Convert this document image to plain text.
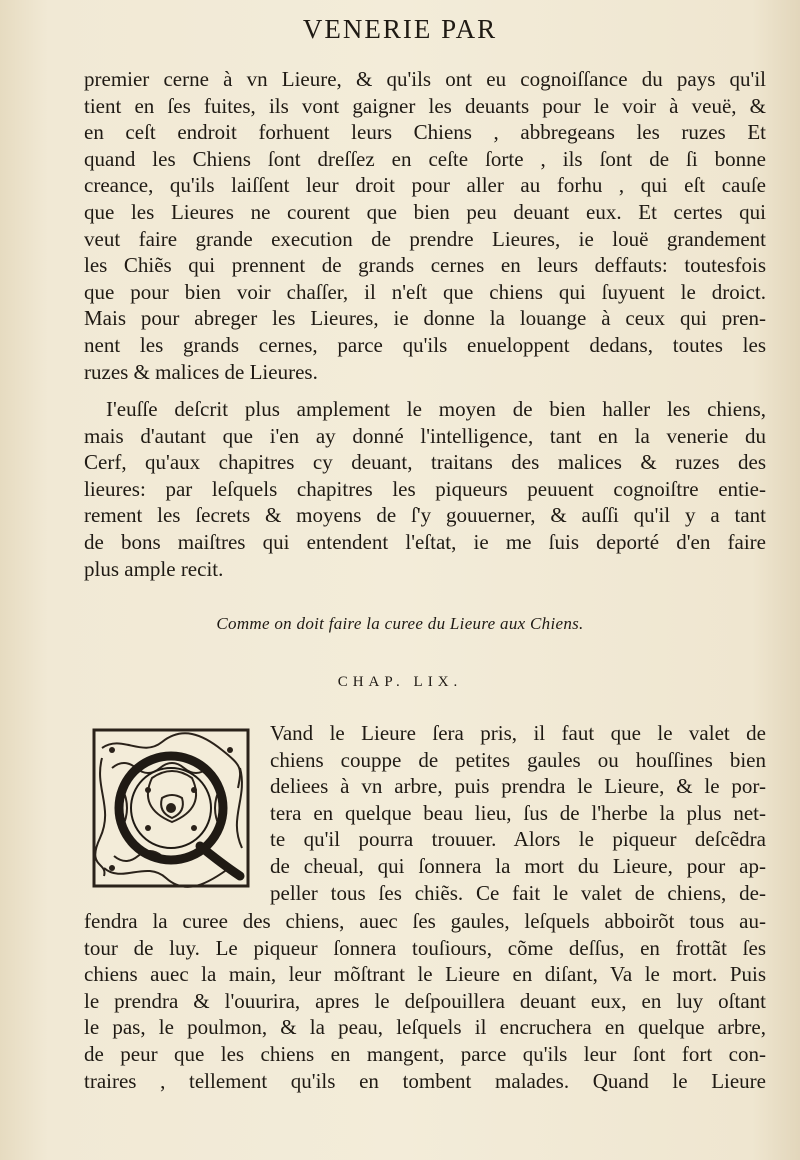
VENERIE PAR

premier cerne à vn Lieure, & qu'ils ont eu cognoiſſance du pays qu'il
tient en ſes fuites, ils vont gaigner les deuants pour le voir à veuë, &
en ceſt endroit forhuent leurs Chiens , abbregeans les ruzes Et
quand les Chiens ſont dreſſez en ceſte ſorte , ils ſont de ſi bonne
creance, qu'ils laiſſent leur droit pour aller au forhu , qui eſt cauſe
que les Lieures ne courent que bien peu deuant eux. Et certes qui
veut faire grande execution de prendre Lieures, ie louë grandement
les Chiẽs qui prennent de grands cernes en leurs deffauts: toutesfois
que pour bien voir chaſſer, il n'eſt que chiens qui ſuyuent le droict.
Mais pour abreger les Lieures, ie donne la louange à ceux qui pren-
nent les grands cernes, parce qu'ils enueloppent dedans, toutes les
ruzes & malices de Lieures.

I'euſſe deſcrit plus amplement le moyen de bien haller les chiens,
mais d'autant que i'en ay donné l'intelligence, tant en la venerie du
Cerf, qu'aux chapitres cy deuant, traitans des malices & ruzes des
lieures: par leſquels chapitres les piqueurs peuuent cognoiſtre entie-
rement les ſecrets & moyens de ſ'y gouuerner, & auſſi qu'il y a tant
de bons maiſtres qui entendent l'eſtat, ie me ſuis deporté d'en faire
plus ample recit.

Comme on doit faire la curee du Lieure aux Chiens.
CHAP. LIX.

Vand le Lieure ſera pris, il faut que le valet de
chiens couppe de petites gaules ou houſſines bien
deliees à vn arbre, puis prendra le Lieure, & le por-
tera en quelque beau lieu, ſus de l'herbe la plus net-
te qu'il pourra trouuer. Alors le piqueur deſcẽdra
de cheual, qui ſonnera la mort du Lieure, pour ap-
peller tous ſes chiẽs. Ce fait le valet de chiens, de-

fendra la curee des chiens, auec ſes gaules, leſquels abboirõt tous au-
tour de luy. Le piqueur ſonnera touſiours, cõme deſſus, en frottãt ſes
chiens auec la main, leur mõſtrant le Lieure en diſant, Va le mort. Puis
le prendra & l'ouurira, apres le deſpouillera deuant eux, en luy oſtant
le pas, le poulmon, & la peau, leſquels il encruchera en quelque arbre,
de peur que les chiens en mangent, parce qu'ils leur ſont fort con-
traires , tellement qu'ils en tombent malades. Quand le Lieure
